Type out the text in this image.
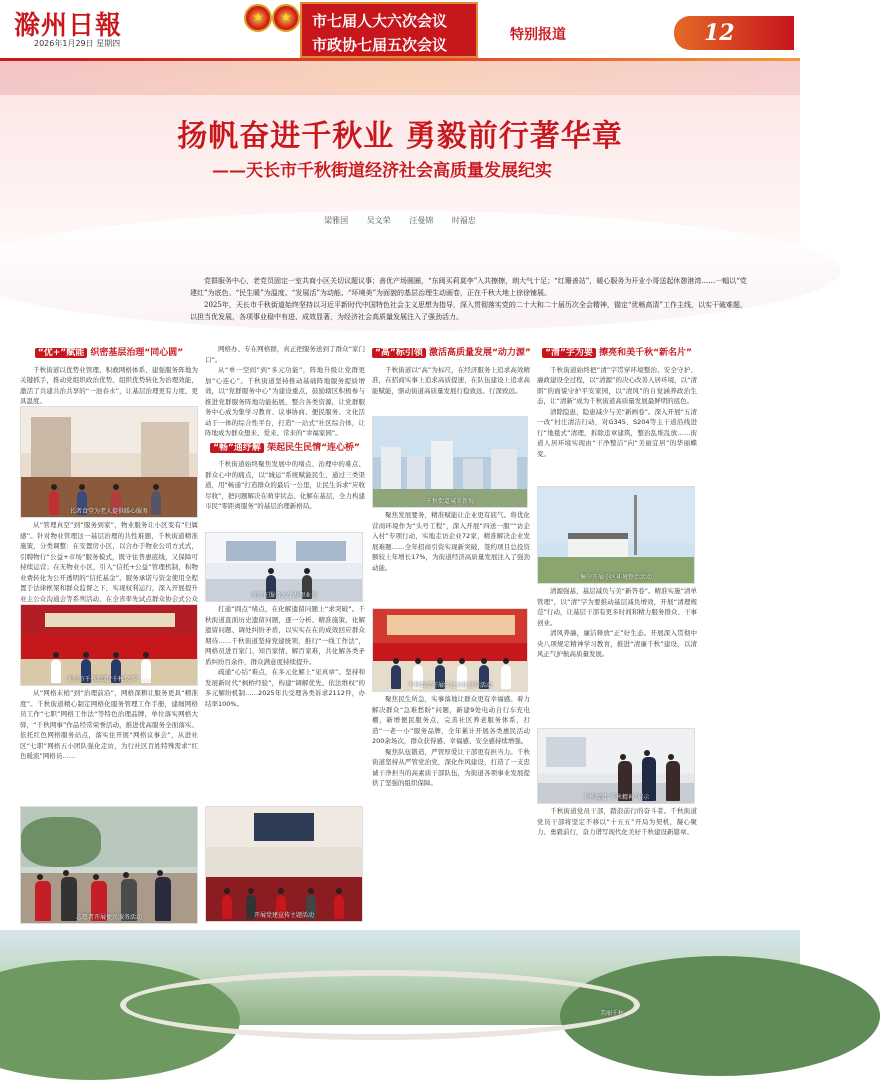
滁州日報
2026年1月29日 星期四
★	★	市七届人大六次会议
市政协七届五次会议
特别报道	12
扬帆奋进千秋业 勇毅前行著华章
——天长市千秋街道经济社会高质量发展纪实
梁雅国 吴文荣 汪曼锦 时福忠

党群服务中心，老党员固定一室共商小区关切议题议事；善优产场圆圈，“东阀买莉莫李”入共擦擦，朗大气十足；“红珊善站”，暖心服务为开业小哥送起休憩港湾……一幅以“党建红”为底色、“民生暖”为温度、“发展活”为动能、“环境美”为面貌的基层治理生动画卷，正在千秋大地上徐徐铺展。

2025年，天长市千秋街道始终坚持以习近平新时代中国特色社会主义思想为指导，深入贯彻落实党的二十大和二十届历次全会精神，锚定“优畅高清”工作主线，以实干破难题，以担当优发展，各项事业稳中有进、成效显著，为经济社会高质量发展注入了强劲活力。

“优+”赋能 织密基层治理“同心圆”

千秋街道以优势业管理、积救网格体系、建强服务阵地为关键抓手，推动党组织政治优势、组织优势转化为治理效能，激活了共建共治共享的“一池春水”，让基层治理更有力度、更具温度。

长者食堂为老人提供暖心服务

从“管理真空”到“服务到家”，物业服务让小区变有“归属感”。针对物业管理这一基层治理的共性难题，千秋街道精准施策，分类调整：在安置房小区，以合办于物业公司方式式，引聘物行“公益+市场”服务模式，既守住普惠底线，又保障可持续运营；在无物业小区，引入“信托+公益”管理机制，积物业费转化为公开透明的“信托基金”，服务承诺与资金使用全程置于法律框架和群众监督之下，实现权利运行，深入开展提升业主公众沟通会等系列活动，在全省率先试点群众协会式公众

天长市千秋街道“千秋议事”……

从“网格末梢”到“治理前沿”，网格深耕让服务更具“精准度”。千秋街道精心制定网格化服务管理工作手册，建细网格员工作“七职”网格工作法“等特色治理品牌，单位落实网格大驿，“千秋网事”作品经常荣誉活动，推进优高服务全面落实。依托红色网格服务站点，落实住开展“网格议事会”，从进社区“七职”网格五小团队强化走访，为行社区百姓特殊需求“红色暖流”网格员……

志愿者开展便民服务活动

网格办、专在网格群，真正把服务送到了群众“家门口”。

从“单一空间”到“多元功能”，阵地升级让党群更加“心连心”。千秋街道坚持推动基础阵地服务提质增效，以“党群服务中心”为建设重点，鼓励辖区积极参与推进党群服务阵地功能拓展，整合各类资源，让党群服务中心成为集学习教育、议事协商、便民服务、文化活动于一体的综合性平台，打造“一站式”社区综合体，让阵地成为群众想来、爱来、常来的“幸福家园”。

“畅”通纾解 架起民生民情“连心桥”

千秋街道始终聚焦发展中的堵点、治理中的难点、群众心中的痛点，以“城运”系统赋能民生，通过三类渠道，用“畅通”打造群众的最后一公里，让民生诉求“应收尽收”，把问题解决在萌芽状态、化解在基层，全力构建市民“零距离服务”的基层治理新格局。

市民在服务大厅办理业务

打通“圆点”堵点，在化解遗留问题上“求突破”。千秋街道直面历史遗留问题，逐一分析、精准施策，化解遗留问题、调处纠纷矛盾，以实实在在的成效回应群众期待……千秋街道坚持党建统领，推行“一线工作法”，网格员进百家门、知百家情、解百家难，共化解各类矛盾纠纷百余件，群众满意度持续提升。

疏通“心结”难点，在多元化解上“见真章”。坚持和发展新时代“枫桥经验”，构建“调解优先、依法维权”的多元解纷机制……2025年共受理各类诉求2112件，办结率100%。

开展党建宣传主题活动
“高”标引领 激活高质量发展“动力源”

千秋街道以“高”为标尺，在经济服务上追求高效精准，在招商实事上追求高质提速，在队伍建设上追求高能赋能，驱动街道高质量发展行稳致远、行深致远。

千秋街道城市新貌

聚焦发展要务，精准赋能让企业更有底气。将优化营商环境作为“头号工程”，深入开展“四送一服”“访企入村”专项行动，实地走访企业72家，精准解决企业发展难题……全年招商引资实现新突破，签约项目总投资额较上年增长17%，为街道经济高质量发展注入了强劲动能。

千秋街道开展红色文化宣传活动

聚焦民生所急，实事落地让群众更有幸福感。着力解决群众“急难愁盼”问题，新建9处电动自行车充电棚，新增便民服务点，完善社区养老服务体系，打造“一老一小”服务品牌，全年累计开展各类惠民活动200余场次，群众获得感、幸福感、安全感持续增强。

聚焦队伍锻造，严管厚爱让干部更有担当力。千秋街道坚持从严管党治党，深化作风建设，打造了一支忠诚干净担当的高素质干部队伍，为街道各项事业发展提供了坚强的组织保障。

“清”字为要 擦亮和美千秋“新名片”

千秋街道始终把“清”字贯穿环境整治、安全守护、廉政建设全过程，以“清源”的决心改善人居环境，以“清朗”的面貌守护平安家园，以“清风”的自觉涵养政治生态，让“清新”成为千秋街道高质量发展最鲜明的底色。

清除隐患，隐患减少与美“新画卷”。深入开展“五清一改”村庄清洁行动，对G345、S204等主干道沿线进行“地毯式”清理，拆除违章建筑，整治乱堆乱放……街道人居环境实现由“干净整洁”向“美丽宜居”的华丽蝶变。

集中开展小区环境整治活动

清源强基，基层减负与美“新答卷”。精准实施“清单管理”，以“清”字为要推动基层减负增效，开展“清理规范”行动，让基层干部有更多时间和精力服务群众、干事创业。

清风养廉，廉洁释放“正”好生态。开展深入贯彻中央八项规定精神学习教育，推进“清廉千秋”建设，以清风正气护航高质量发展。

千秋街道“千秋精神”展示

千秋街道党员干部，踏浪前行的奋斗者。千秋街道党员干部将坚定不移以“十五五”开局为契机，凝心聚力、勇毅前行，奋力谱写现代化美好千秋建设新篇章。

美丽千秋
